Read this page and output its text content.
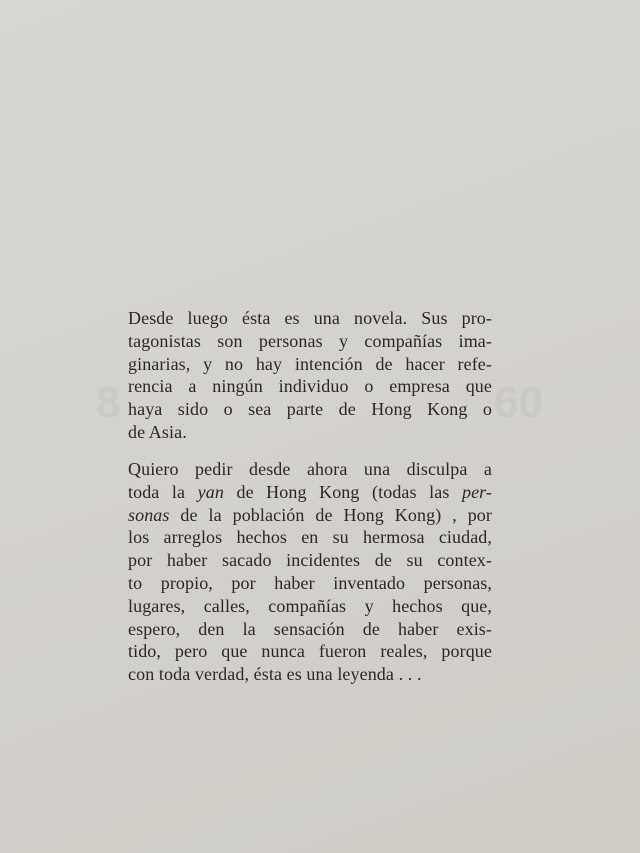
8	60
Desde luego ésta es una novela. Sus pro-
tagonistas son personas y compañías ima-
ginarias, y no hay intención de hacer refe-
rencia a ningún individuo o empresa que
haya sido o sea parte de Hong Kong o
de Asia.
Quiero pedir desde ahora una disculpa a
toda la yan de Hong Kong (todas las per-
sonas de la población de Hong Kong) , por
los arreglos hechos en su hermosa ciudad,
por haber sacado incidentes de su contex-
to propio, por haber inventado personas,
lugares, calles, compañías y hechos que,
espero, den la sensación de haber exis-
tido, pero que nunca fueron reales, porque
con toda verdad, ésta es una leyenda . . .
